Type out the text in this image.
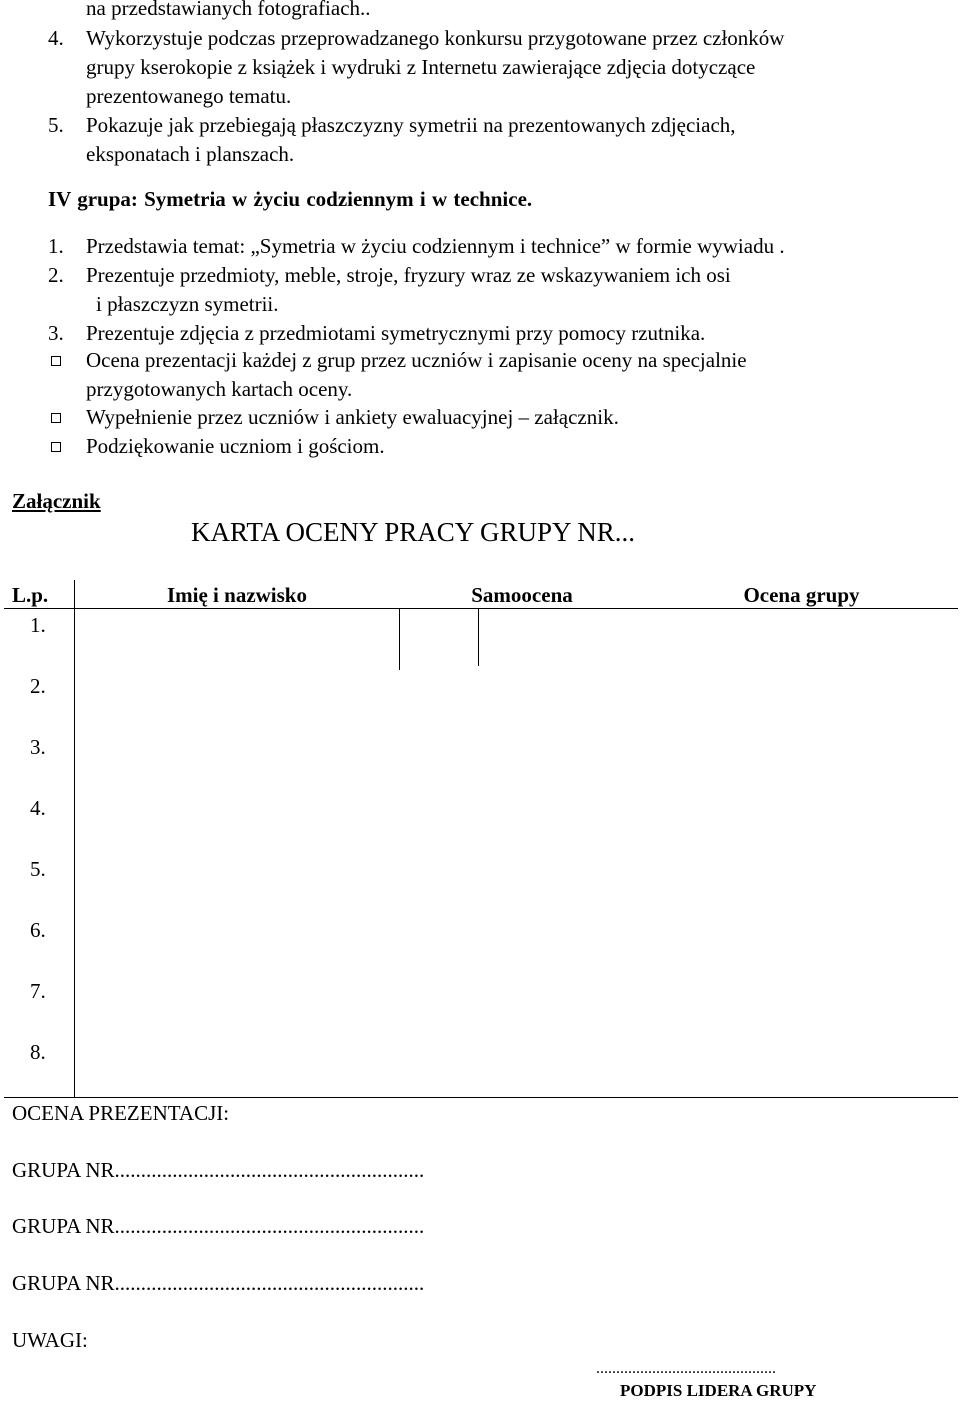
na przedstawianych fotografiach..
4. Wykorzystuje podczas przeprowadzanego konkursu przygotowane przez członków
grupy kserokopie z książek i wydruki z Internetu zawierające zdjęcia dotyczące
prezentowanego tematu.
5. Pokazuje jak przebiegają płaszczyzny symetrii na prezentowanych zdjęciach,
eksponatach i planszach.
IV grupa: Symetria w życiu codziennym i w technice.
1. Przedstawia temat: „Symetria w życiu codziennym i technice” w formie wywiadu .
2. Prezentuje przedmioty, meble, stroje, fryzury wraz ze wskazywaniem ich osi
i płaszczyzn symetrii.
3. Prezentuje zdjęcia z przedmiotami symetrycznymi przy pomocy rzutnika.
Ocena prezentacji każdej z grup przez uczniów i zapisanie oceny na specjalnie
przygotowanych kartach oceny.
Wypełnienie przez uczniów i ankiety ewaluacyjnej – załącznik.
Podziękowanie uczniom i gościom.
Załącznik
KARTA OCENY PRACY GRUPY NR...
L.p.	Imię i nazwisko	Samoocena	Ocena grupy
1.			
2.			
3.			
4.			
5.			
6.			
7.			
8.			
OCENA PREZENTACJI:
GRUPA NR...........................................................
GRUPA NR...........................................................
GRUPA NR...........................................................
UWAGI:
.............................................
PODPIS LIDERA GRUPY
